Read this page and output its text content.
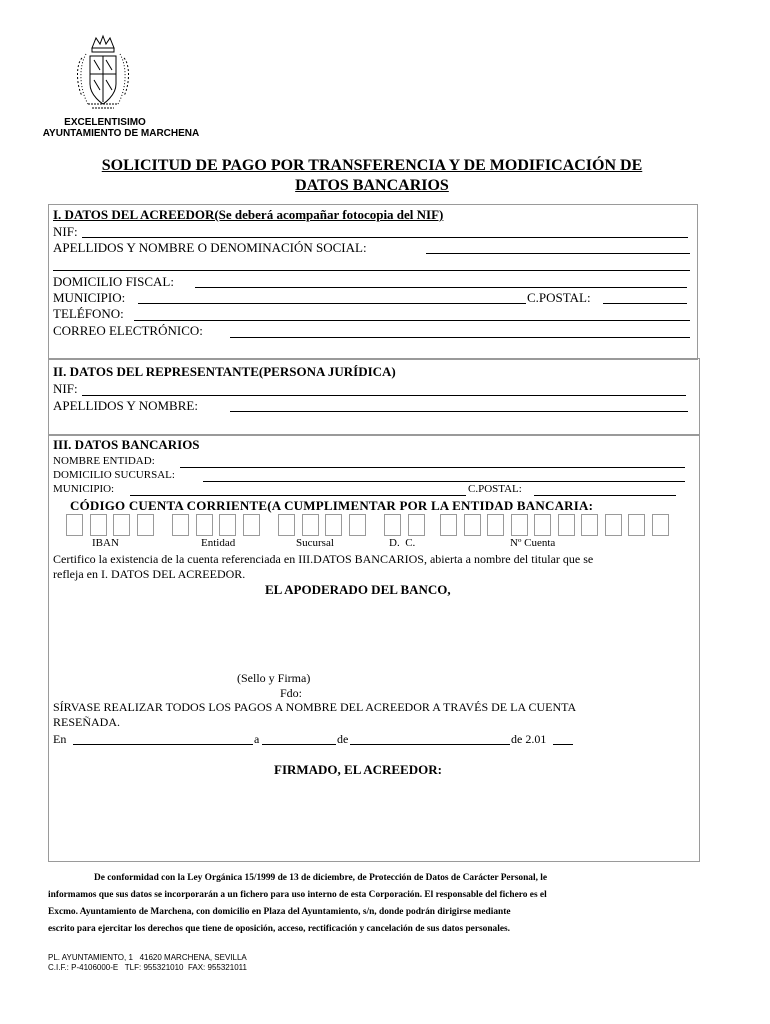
EXCELENTISIMO
AYUNTAMIENTO DE MARCHENA
SOLICITUD DE PAGO POR TRANSFERENCIA Y DE MODIFICACIÓN DE
DATOS BANCARIOS
I. DATOS DEL ACREEDOR(Se deberá acompañar fotocopia del NIF)
NIF:
APELLIDOS Y NOMBRE O DENOMINACIÓN SOCIAL:
DOMICILIO FISCAL:
MUNICIPIO:	C.POSTAL:
TELÉFONO:
CORREO ELECTRÓNICO:
II. DATOS DEL REPRESENTANTE(PERSONA JURÍDICA)
NIF:
APELLIDOS Y NOMBRE:
III. DATOS BANCARIOS
NOMBRE ENTIDAD:
DOMICILIO SUCURSAL:
MUNICIPIO:	C.POSTAL:
CÓDIGO CUENTA CORRIENTE(A CUMPLIMENTAR POR LA ENTIDAD BANCARIA:
IBAN	Entidad	Sucursal	D.  C.	Nº Cuenta
Certifico la existencia de la cuenta referenciada en III.DATOS BANCARIOS, abierta a nombre del titular que se
refleja en I. DATOS DEL ACREEDOR.
EL APODERADO DEL BANCO,
(Sello y Firma)
Fdo:
SÍRVASE REALIZAR TODOS LOS PAGOS A NOMBRE DEL ACREEDOR A TRAVÉS DE LA CUENTA
RESEÑADA.
En	a	de	de 2.01
FIRMADO, EL ACREEDOR:
De conformidad con la Ley Orgánica 15/1999 de 13 de diciembre, de Protección de Datos de Carácter Personal, le
informamos que sus datos se incorporarán a un fichero para uso interno de esta Corporación. El responsable del fichero es el
Excmo. Ayuntamiento de Marchena, con domicilio en Plaza del Ayuntamiento, s/n, donde podrán dirigirse mediante
escrito para ejercitar los derechos que tiene de oposición, acceso, rectificación y cancelación de sus datos personales.
PL. AYUNTAMIENTO, 1   41620 MARCHENA, SEVILLA
C.I.F.: P-4106000-E   TLF: 955321010  FAX: 955321011
